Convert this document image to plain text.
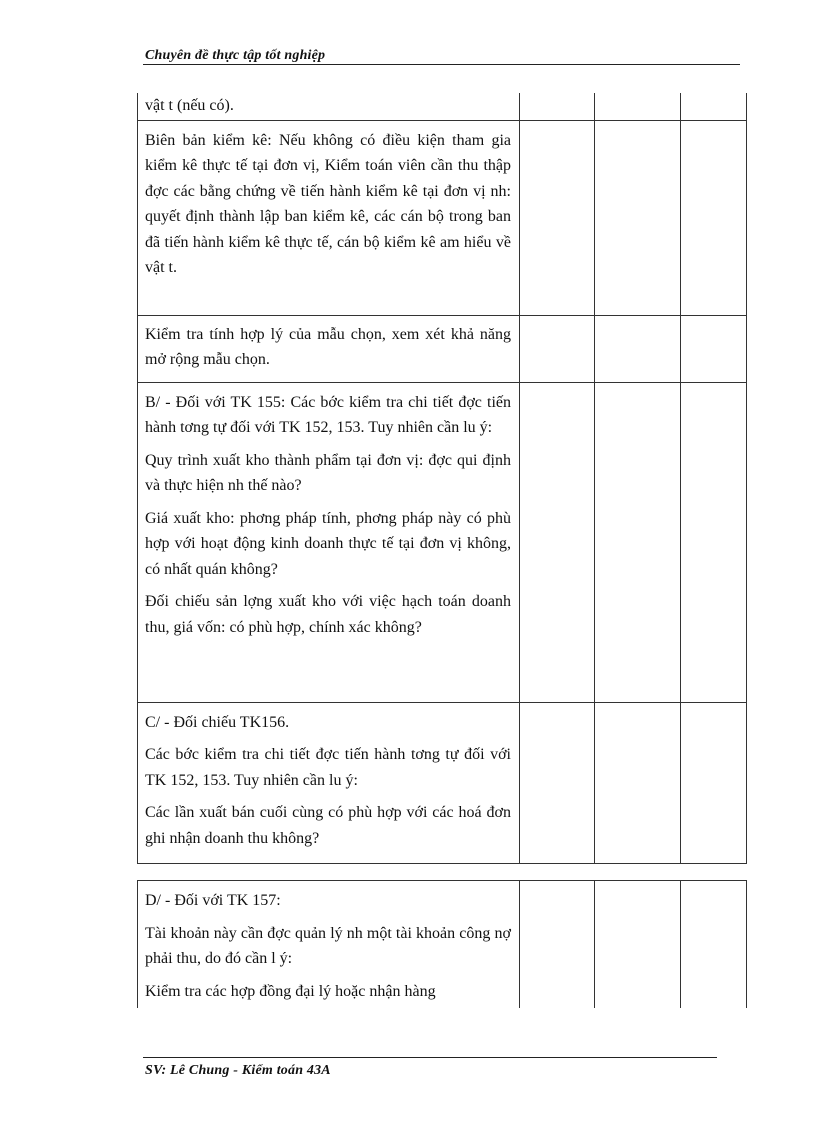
Chuyên đề thực tập tốt nghiệp

vật t (nếu có).			

Biên bản kiểm kê: Nếu không có điều kiện tham gia kiểm kê thực tế tại đơn vị, Kiểm toán viên cần thu thập đợc các bằng chứng về tiến hành kiểm kê tại đơn vị nh: quyết định thành lập ban kiểm kê, các cán bộ trong ban đã tiến hành kiểm kê thực tế, cán bộ kiểm kê am hiểu về vật t.			

Kiểm tra tính hợp lý của mẫu chọn, xem xét khả năng mở rộng mẫu chọn.			

B/ - Đối với TK 155: Các bớc kiểm tra chi tiết đợc tiến hành tơng tự đối với TK 152, 153. Tuy nhiên cần lu ý:

Quy trình xuất kho thành phẩm tại đơn vị: đợc qui định và thực hiện nh thế nào?

Giá xuất kho: phơng pháp tính, phơng pháp này có phù hợp với hoạt động kinh doanh thực tế tại đơn vị không, có nhất quán không?

Đối chiếu sản lợng xuất kho với việc hạch toán doanh thu, giá vốn: có phù hợp, chính xác không?			

C/ - Đối chiếu TK156.

Các bớc kiểm tra chi tiết đợc tiến hành tơng tự đối với TK 152, 153. Tuy nhiên cần lu ý:

Các lần xuất bán cuối cùng có phù hợp với các hoá đơn ghi nhận doanh thu không?			

D/ - Đối với TK 157:

Tài khoản này cần đợc quản lý nh một tài khoản công nợ phải thu, do đó cần l ý:

Kiểm tra các hợp đồng đại lý hoặc nhận hàng

SV: Lê Chung - Kiểm toán 43A
